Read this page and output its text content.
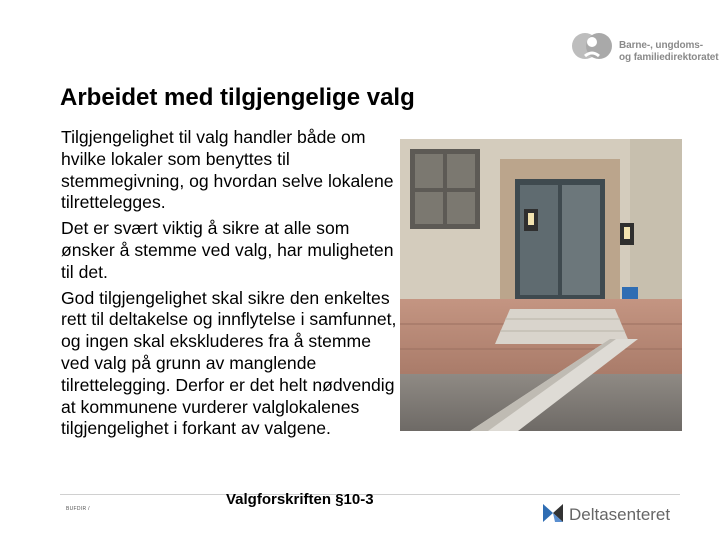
Barne-, ungdoms-
og familiedirektoratet
Arbeidet med tilgjengelige valg

Tilgjengelighet til valg handler både om hvilke lokaler som benyttes til stemmegivning, og hvordan selve lokalene tilrettelegges.

Det er svært viktig å sikre at alle som ønsker å stemme ved valg, har muligheten til det.

God tilgjengelighet skal sikre den enkeltes rett til deltakelse og innflytelse i samfunnet, og ingen skal ekskluderes fra å stemme ved valg på grunn av manglende tilrettelegging. Derfor er det helt nødvendig at kommunene vurderer valglokalenes tilgjengelighet i forkant av valgene.

BUFDIR /
Valgforskriften §10-3
Deltasenteret
